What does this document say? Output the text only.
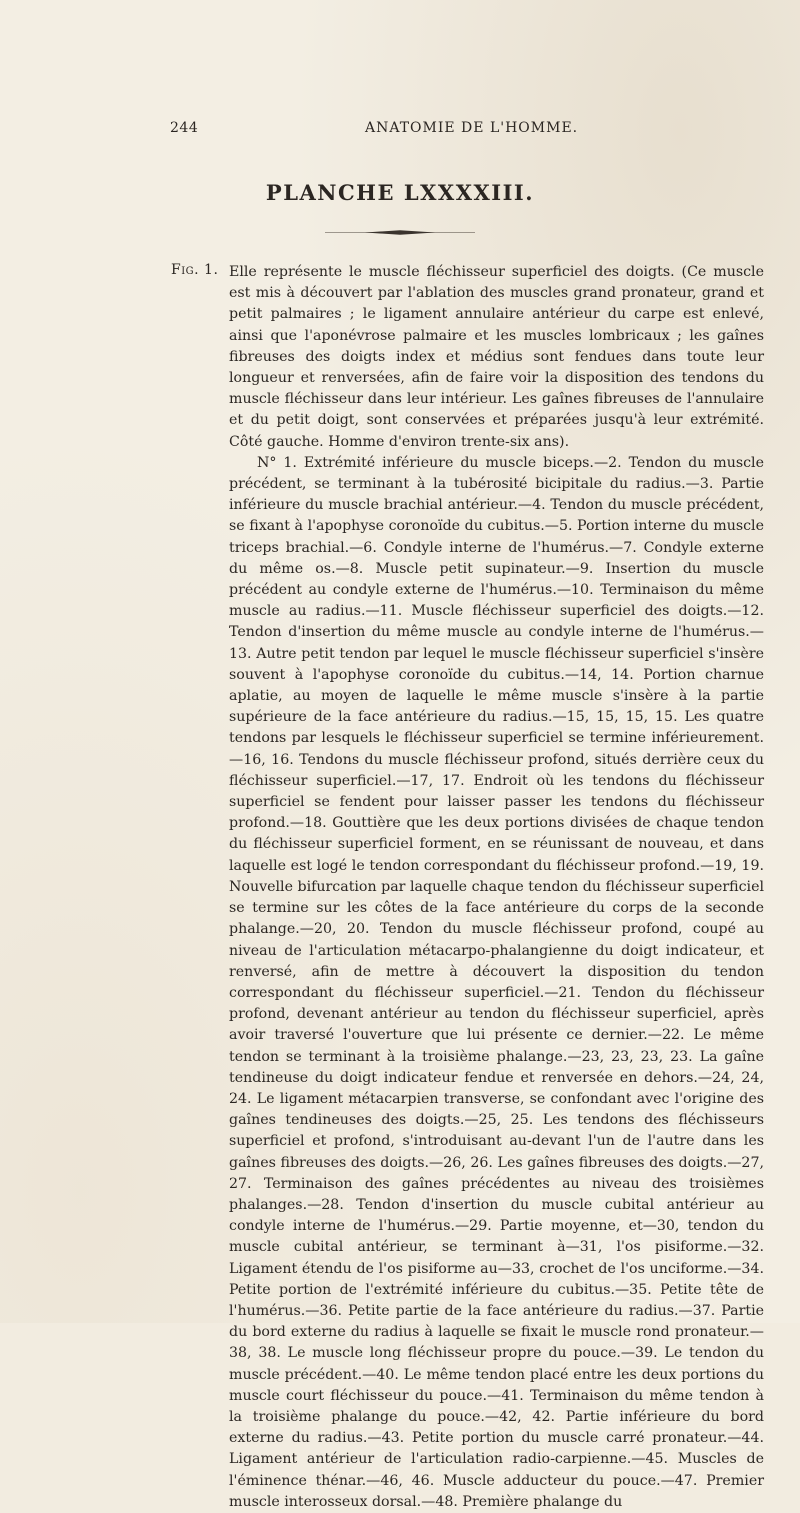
244	ANATOMIE DE L'HOMME.
PLANCHE LXXXXIII.
Fig. 1. Elle représente le muscle fléchisseur superficiel des doigts. (Ce muscle est mis à découvert par l'ablation des muscles grand pronateur, grand et petit palmaires ; le ligament annulaire antérieur du carpe est enlevé, ainsi que l'aponévrose palmaire et les muscles lombricaux ; les gaînes fibreuses des doigts index et médius sont fendues dans toute leur longueur et renversées, afin de faire voir la disposition des tendons du muscle fléchisseur dans leur intérieur. Les gaînes fibreuses de l'annulaire et du petit doigt, sont conservées et préparées jusqu'à leur extrémité. Côté gauche. Homme d'environ trente-six ans).

N° 1. Extrémité inférieure du muscle biceps.—2. Tendon du muscle précédent, se terminant à la tubérosité bicipitale du radius.—3. Partie inférieure du muscle brachial antérieur.—4. Tendon du muscle précédent, se fixant à l'apophyse coronoïde du cubitus.—5. Portion interne du muscle triceps brachial.—6. Condyle interne de l'humérus.—7. Condyle externe du même os.—8. Muscle petit supinateur.—9. Insertion du muscle précédent au condyle externe de l'humérus.—10. Terminaison du même muscle au radius.—11. Muscle fléchisseur superficiel des doigts.—12. Tendon d'insertion du même muscle au condyle interne de l'humérus.—13. Autre petit tendon par lequel le muscle fléchisseur superficiel s'insère souvent à l'apophyse coronoïde du cubitus.—14, 14. Portion charnue aplatie, au moyen de laquelle le même muscle s'insère à la partie supérieure de la face antérieure du radius.—15, 15, 15, 15. Les quatre tendons par lesquels le fléchisseur superficiel se termine inférieurement.—16, 16. Tendons du muscle fléchisseur profond, situés derrière ceux du fléchisseur superficiel.—17, 17. Endroit où les tendons du fléchisseur superficiel se fendent pour laisser passer les tendons du fléchisseur profond.—18. Gouttière que les deux portions divisées de chaque tendon du fléchisseur superficiel forment, en se réunissant de nouveau, et dans laquelle est logé le tendon correspondant du fléchisseur profond.—19, 19. Nouvelle bifurcation par laquelle chaque tendon du fléchisseur superficiel se termine sur les côtes de la face antérieure du corps de la seconde phalange.—20, 20. Tendon du muscle fléchisseur profond, coupé au niveau de l'articulation métacarpo-phalangienne du doigt indicateur, et renversé, afin de mettre à découvert la disposition du tendon correspondant du fléchisseur superficiel.—21. Tendon du fléchisseur profond, devenant antérieur au tendon du fléchisseur superficiel, après avoir traversé l'ouverture que lui présente ce dernier.—22. Le même tendon se terminant à la troisième phalange.—23, 23, 23, 23. La gaîne tendineuse du doigt indicateur fendue et renversée en dehors.—24, 24, 24. Le ligament métacarpien transverse, se confondant avec l'origine des gaînes tendineuses des doigts.—25, 25. Les tendons des fléchisseurs superficiel et profond, s'introduisant au-devant l'un de l'autre dans les gaînes fibreuses des doigts.—26, 26. Les gaînes fibreuses des doigts.—27, 27. Terminaison des gaînes précédentes au niveau des troisièmes phalanges.—28. Tendon d'insertion du muscle cubital antérieur au condyle interne de l'humérus.—29. Partie moyenne, et—30, tendon du muscle cubital antérieur, se terminant à—31, l'os pisiforme.—32. Ligament étendu de l'os pisiforme au—33, crochet de l'os unciforme.—34. Petite portion de l'extrémité inférieure du cubitus.—35. Petite tête de l'humérus.—36. Petite partie de la face antérieure du radius.—37. Partie du bord externe du radius à laquelle se fixait le muscle rond pronateur.—38, 38. Le muscle long fléchisseur propre du pouce.—39. Le tendon du muscle précédent.—40. Le même tendon placé entre les deux portions du muscle court fléchisseur du pouce.—41. Terminaison du même tendon à la troisième phalange du pouce.—42, 42. Partie inférieure du bord externe du radius.—43. Petite portion du muscle carré pronateur.—44. Ligament antérieur de l'articulation radio-carpienne.—45. Muscles de l'éminence thénar.—46, 46. Muscle adducteur du pouce.—47. Premier muscle interosseux dorsal.—48. Première phalange du
